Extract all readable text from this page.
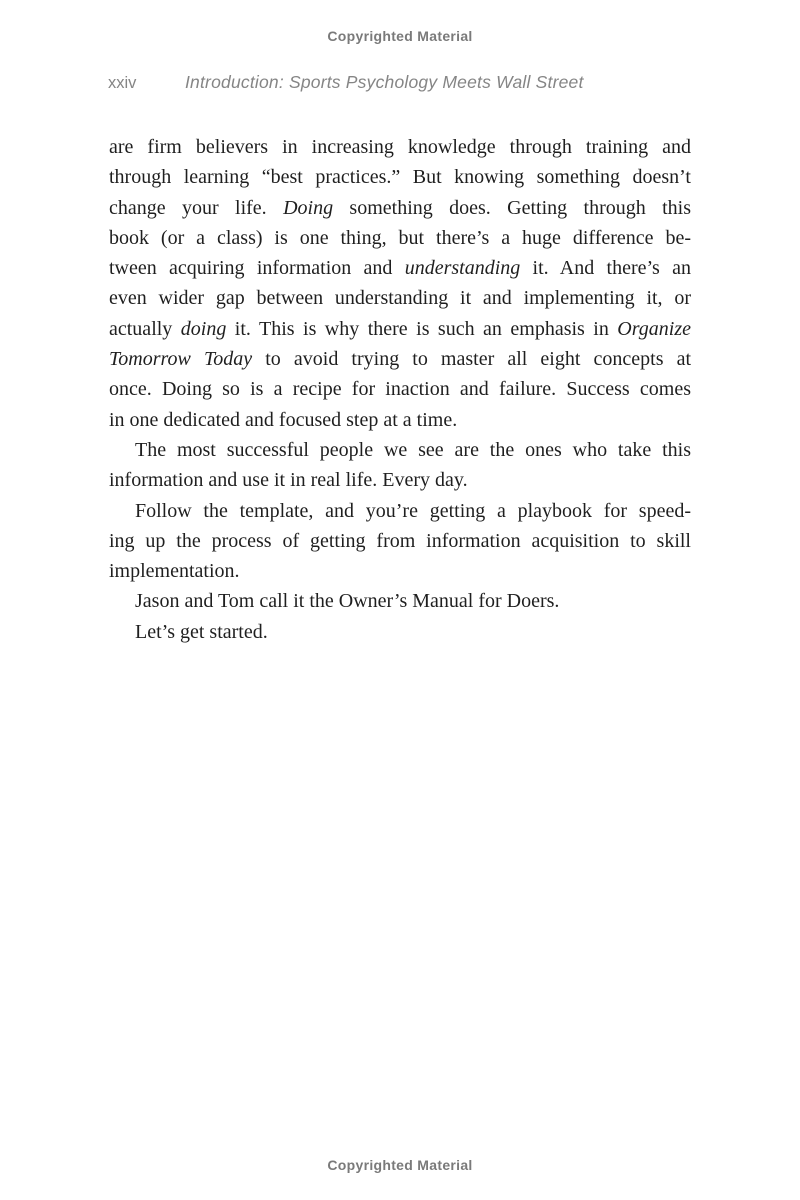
Copyrighted Material
xxiv	Introduction: Sports Psychology Meets Wall Street
are firm believers in increasing knowledge through training and
through learning “best practices.” But knowing something doesn’t
change your life. Doing something does. Getting through this
book (or a class) is one thing, but there’s a huge difference be-
tween acquiring information and understanding it. And there’s an
even wider gap between understanding it and implementing it, or
actually doing it. This is why there is such an emphasis in Organize
Tomorrow Today to avoid trying to master all eight concepts at
once. Doing so is a recipe for inaction and failure. Success comes
in one dedicated and focused step at a time.
The most successful people we see are the ones who take this
information and use it in real life. Every day.
Follow the template, and you’re getting a playbook for speed-
ing up the process of getting from information acquisition to skill
implementation.
Jason and Tom call it the Owner’s Manual for Doers.
Let’s get started.
Copyrighted Material
